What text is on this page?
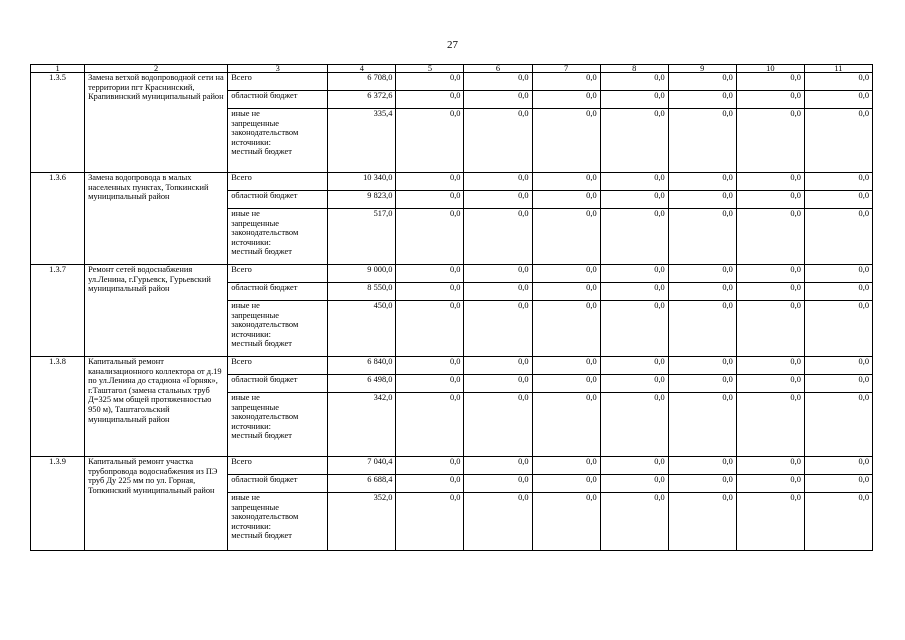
27
1	2	3	4	5	6	7	8	9	10	11
1.3.5	Замена ветхой водопроводной сети на территории пгт Краснинский, Крапивинский муниципальный район	Всего	6 708,0	0,0	0,0	0,0	0,0	0,0	0,0	0,0
		областной бюджет	6 372,6	0,0	0,0	0,0	0,0	0,0	0,0	0,0

		иные не
запрещенные
законодательством
источники:
местный бюджет	335,4	0,0	0,0	0,0	0,0	0,0	0,0	0,0
1.3.6	Замена водопровода в малых населенных пунктах, Топкинский муниципальный район	Всего	10 340,0	0,0	0,0	0,0	0,0	0,0	0,0	0,0
		областной бюджет	9 823,0	0,0	0,0	0,0	0,0	0,0	0,0	0,0

		иные не
запрещенные
законодательством
источники:
местный бюджет	517,0	0,0	0,0	0,0	0,0	0,0	0,0	0,0
1.3.7	Ремонт сетей водоснабжения ул.Ленина, г.Гурьевск, Гурьевский муниципальный район	Всего	9 000,0	0,0	0,0	0,0	0,0	0,0	0,0	0,0
		областной бюджет	8 550,0	0,0	0,0	0,0	0,0	0,0	0,0	0,0

		иные не
запрещенные
законодательством
источники:
местный бюджет	450,0	0,0	0,0	0,0	0,0	0,0	0,0	0,0
1.3.8	Капитальный ремонт канализационного коллектора от д.19 по ул.Ленина до стадиона «Горняк», г.Таштагол (замена стальных труб Д=325 мм общей протяженностью 950 м), Таштагольский муниципальный район	Всего	6 840,0	0,0	0,0	0,0	0,0	0,0	0,0	0,0
		областной бюджет	6 498,0	0,0	0,0	0,0	0,0	0,0	0,0	0,0

		иные не
запрещенные
законодательством
источники:
местный бюджет	342,0	0,0	0,0	0,0	0,0	0,0	0,0	0,0
1.3.9	Капитальный ремонт участка трубопровода водоснабжения из ПЭ труб Ду 225 мм по ул. Горная, Топкинский муниципальный район	Всего	7 040,4	0,0	0,0	0,0	0,0	0,0	0,0	0,0
		областной бюджет	6 688,4	0,0	0,0	0,0	0,0	0,0	0,0	0,0

		иные не
запрещенные
законодательством
источники:
местный бюджет	352,0	0,0	0,0	0,0	0,0	0,0	0,0	0,0
